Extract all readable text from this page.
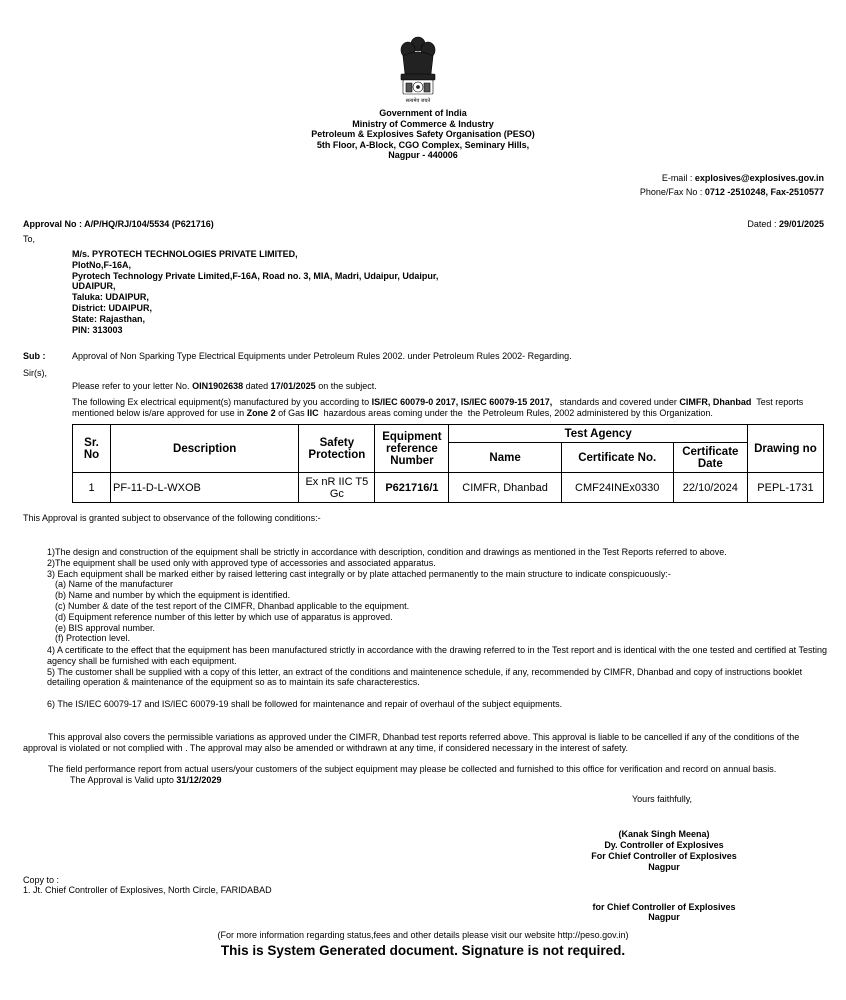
सत्यमेव जयते
Government of India
Ministry of Commerce & Industry
Petroleum & Explosives Safety Organisation (PESO)
5th Floor, A-Block, CGO Complex, Seminary Hills,
Nagpur - 440006
E-mail : explosives@explosives.gov.in
Phone/Fax No : 0712 -2510248, Fax-2510577
Approval No : A/P/HQ/RJ/104/5534 (P621716)	Dated : 29/01/2025
To,
M/s. PYROTECH TECHNOLOGIES PRIVATE LIMITED,
PlotNo,F-16A,
Pyrotech Technology Private Limited,F-16A, Road no. 3, MIA, Madri, Udaipur, Udaipur,
UDAIPUR,
Taluka: UDAIPUR,
District: UDAIPUR,
State: Rajasthan,
PIN: 313003
Sub :	Approval of Non Sparking Type Electrical Equipments under Petroleum Rules 2002. under Petroleum Rules 2002- Regarding.
Sir(s),
Please refer to your letter No. OIN1902638 dated 17/01/2025 on the subject.
The following Ex electrical equipment(s) manufactured by you according to IS/IEC 60079-0 2017, IS/IEC 60079-15 2017,   standards and covered under CIMFR, Dhanbad  Test reports mentioned below is/are approved for use in Zone 2 of Gas IIC  hazardous areas coming under the  the Petroleum Rules, 2002 administered by this Organization.
Sr. No	Description	Safety Protection	Equipment reference Number	Test Agency			Drawing no
				Name	Certificate No.	Certificate Date	
1	PF-11-D-L-WXOB	Ex nR IIC T5 Gc	P621716/1	CIMFR, Dhanbad	CMF24INEx0330	22/10/2024	PEPL-1731
This Approval is granted subject to observance of the following conditions:-
1)The design and construction of the equipment shall be strictly in accordance with description, condition and drawings as mentioned in the Test Reports referred to above.
2)The equipment shall be used only with approved type of accessories and associated apparatus.
3) Each equipment shall be marked either by raised lettering cast integrally or by plate attached permanently to the main structure to indicate conspicuously:-
(a) Name of the manufacturer
(b) Name and number by which the equipment is identified.
(c) Number & date of the test report of the CIMFR, Dhanbad applicable to the equipment.
(d) Equipment reference number of this letter by which use of apparatus is approved.
(e) BIS approval number.
(f) Protection level.
4) A certificate to the effect that the equipment has been manufactured strictly in accordance with the drawing referred to in the Test report and is identical with the one tested and certified at Testing agency shall be furnished with each equipment.
5) The customer shall be supplied with a copy of this letter, an extract of the conditions and maintenence schedule, if any, recommended by CIMFR, Dhanbad and copy of instructions booklet detailing operation & maintenance of the equipment so as to maintain its safe characterestics.
6) The IS/IEC 60079-17 and IS/IEC 60079-19 shall be followed for maintenance and repair of overhaul of the subject equipments.
This approval also covers the permissible variations as approved under the CIMFR, Dhanbad test reports referred above. This approval is liable to be cancelled if any of the conditions of the approval is violated or not complied with . The approval may also be amended or withdrawn at any time, if considered necessary in the interest of safety.
The field performance report from actual users/your customers of the subject equipment may please be collected and furnished to this office for verification and record on annual basis.
The Approval is Valid upto 31/12/2029
Yours faithfully,
(Kanak Singh Meena)
Dy. Controller of Explosives
For Chief Controller of Explosives
Nagpur
Copy to :
1. Jt. Chief Controller of Explosives, North Circle, FARIDABAD
for Chief Controller of Explosives
Nagpur
(For more information regarding status,fees and other details please visit our website http://peso.gov.in)
This is System Generated document. Signature is not required.
